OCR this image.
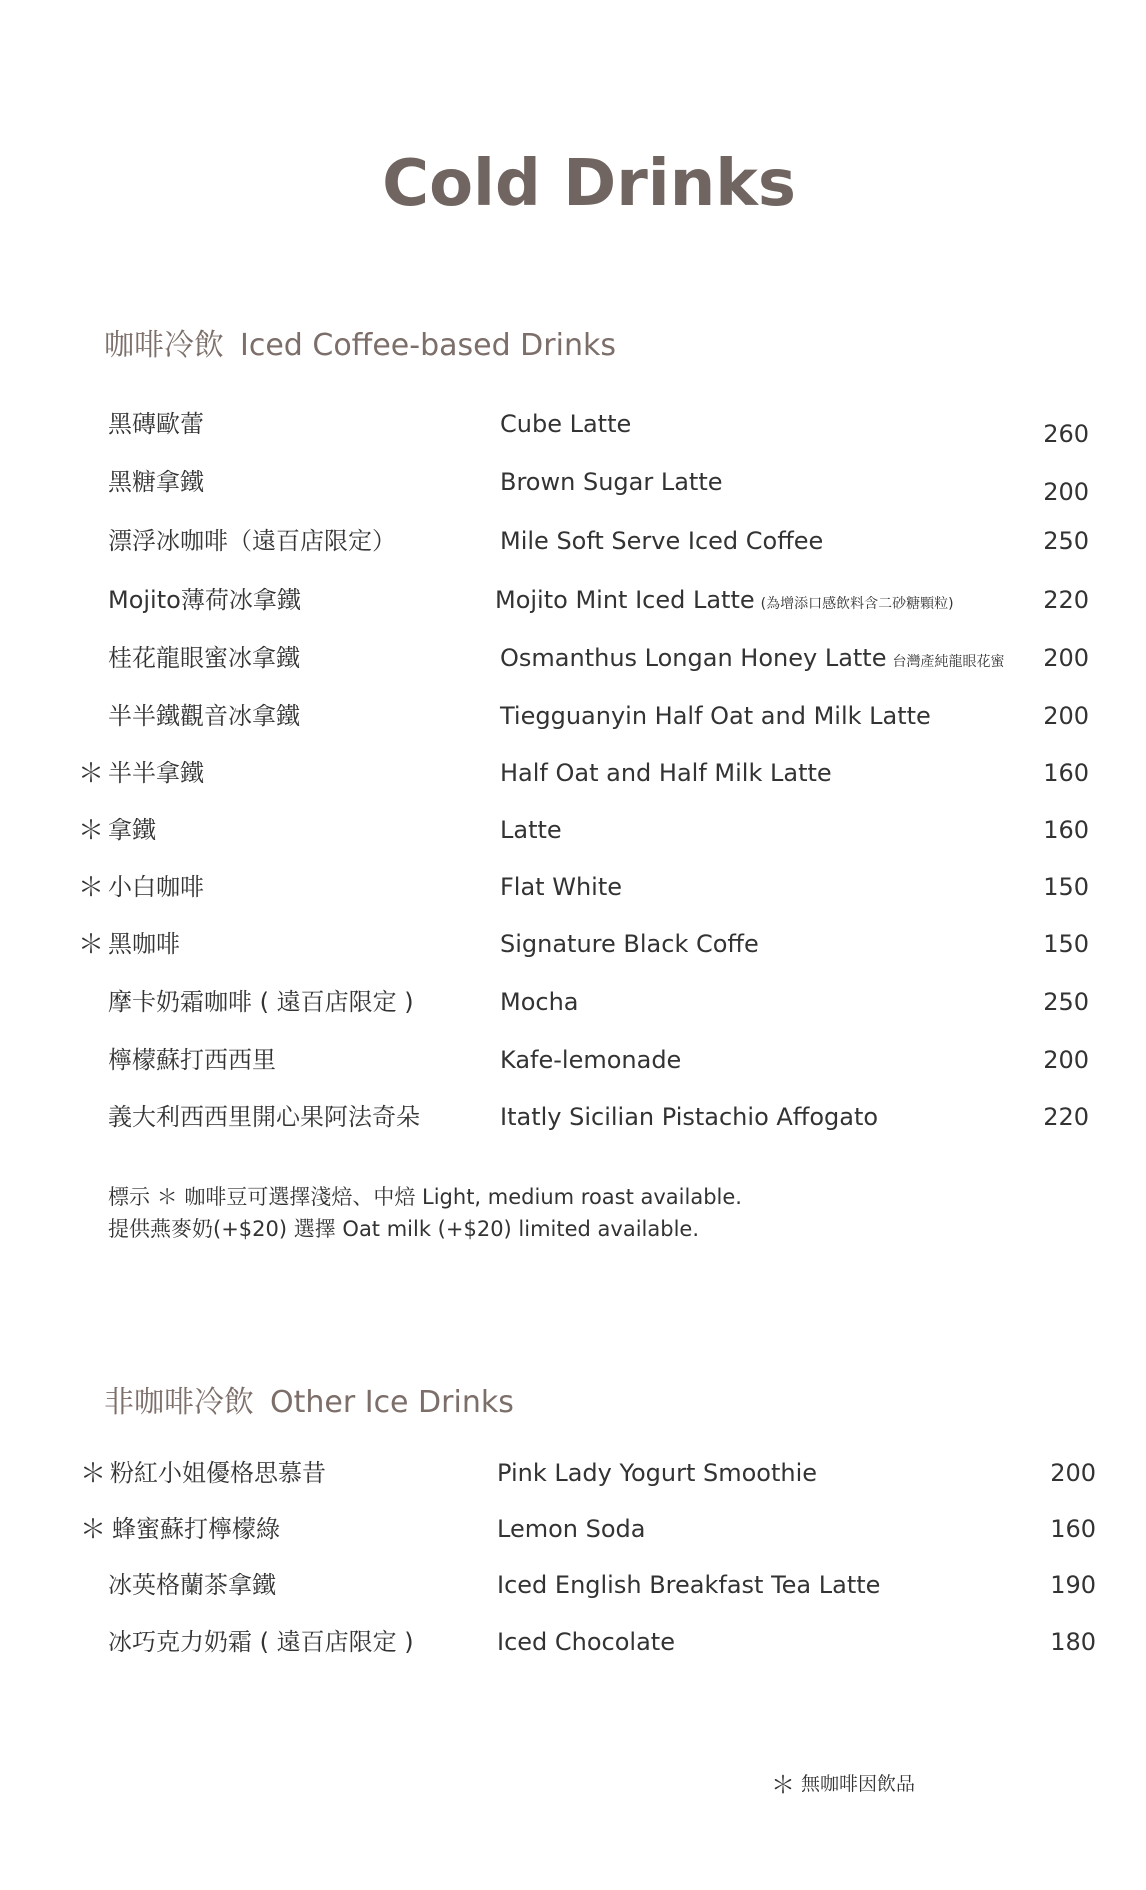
Cold Drinks
咖啡冷飲 Iced Coffee-based Drinks
黑磚歐蕾	Cube Latte	260
黑糖拿鐵	Brown Sugar Latte	200
漂浮冰咖啡（遠百店限定）	Mile Soft Serve Iced Coffee	250
Mojito薄荷冰拿鐵	Mojito Mint Iced Latte (為增添口感飲料含二砂糖顆粒)	220
桂花龍眼蜜冰拿鐵	Osmanthus Longan Honey Latte 台灣產純龍眼花蜜	200
半半鐵觀音冰拿鐵	Tiegguanyin Half Oat and Milk Latte	200
＊ 半半拿鐵	Half Oat and Half Milk Latte	160
＊ 拿鐵	Latte	160
＊ 小白咖啡	Flat White	150
＊ 黑咖啡	Signature Black Coffe	150
摩卡奶霜咖啡 ( 遠百店限定 )	Mocha	250
檸檬蘇打西西里	Kafe-lemonade	200
義大利西西里開心果阿法奇朵	Itatly Sicilian Pistachio Affogato	220
標示 ＊ 咖啡豆可選擇淺焙、中焙 Light, medium roast available.
提供燕麥奶(+$20) 選擇 Oat milk (+$20) limited available.
非咖啡冷飲 Other Ice Drinks
＊ 粉紅小姐優格思慕昔	Pink Lady Yogurt Smoothie	200
＊ 蜂蜜蘇打檸檬綠	Lemon Soda	160
冰英格蘭茶拿鐵	Iced English Breakfast Tea Latte	190
冰巧克力奶霜 ( 遠百店限定 )	Iced Chocolate	180
＊ 無咖啡因飲品
